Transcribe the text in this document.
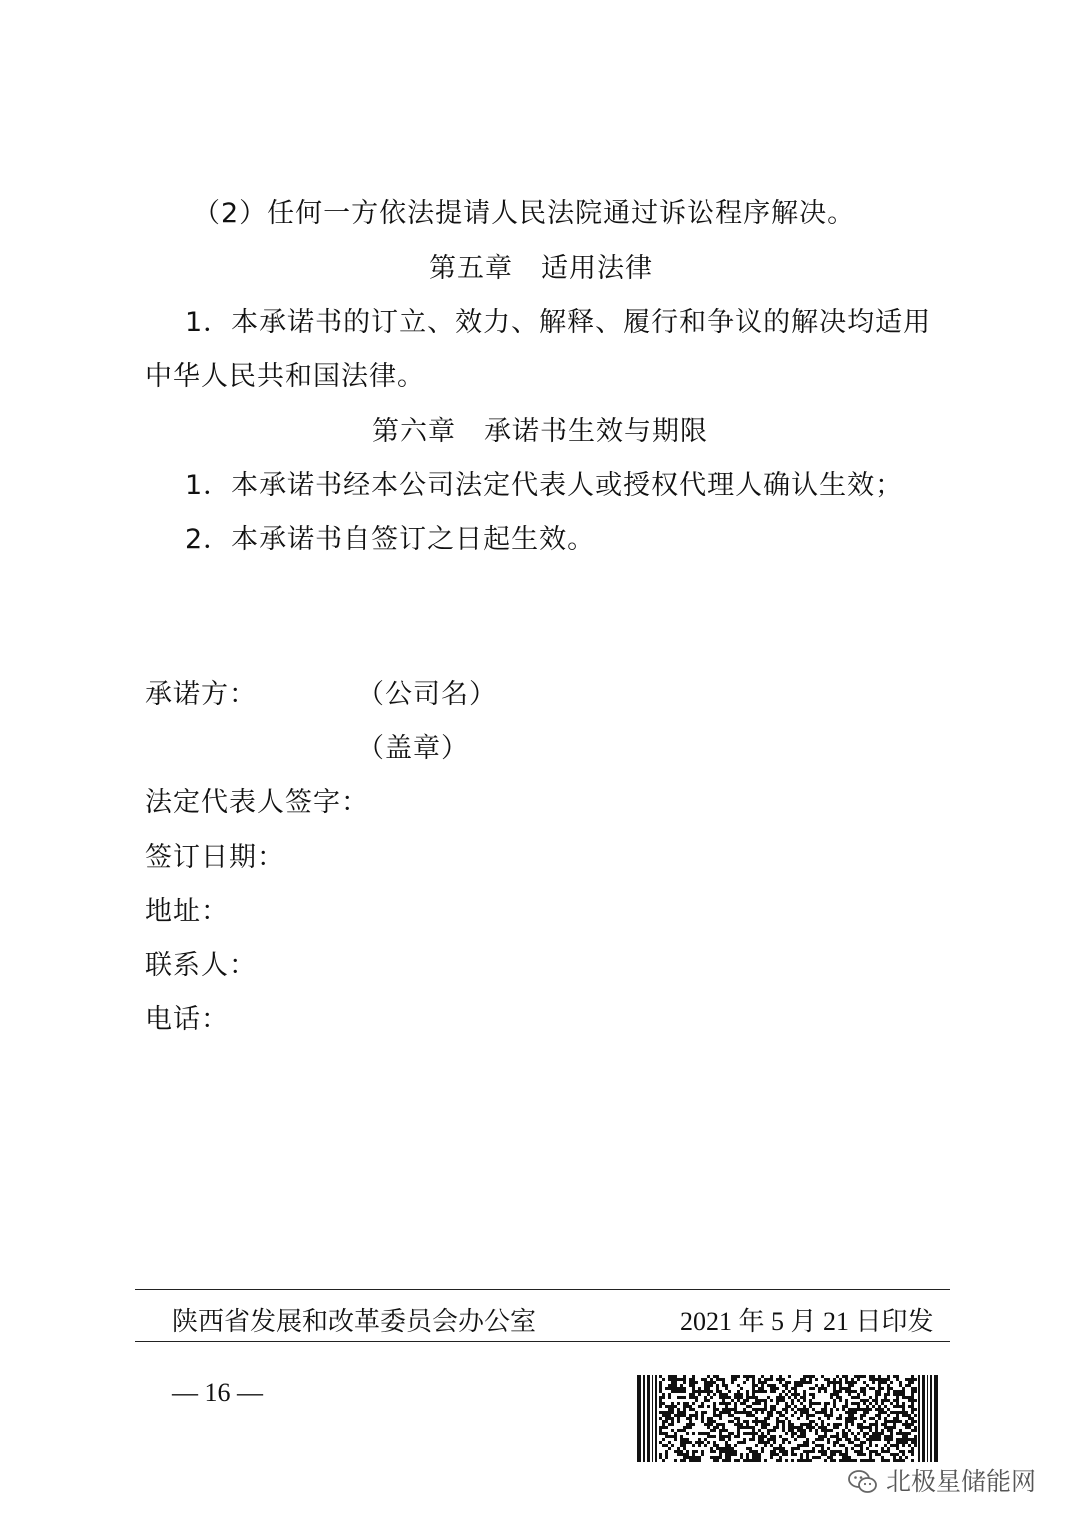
（2）任何一方依法提请人民法院通过诉讼程序解决。
第五章　适用法律
1．本承诺书的订立、效力、解释、履行和争议的解决均适用
中华人民共和国法律。
第六章　承诺书生效与期限
1．本承诺书经本公司法定代表人或授权代理人确认生效；
2．本承诺书自签订之日起生效。
承诺方：	（公司名）
（盖章）
法定代表人签字：
签订日期：
地址：
联系人：
电话：
陕西省发展和改革委员会办公室	2021 年 5 月 21 日印发
— 16 —
北极星储能网
